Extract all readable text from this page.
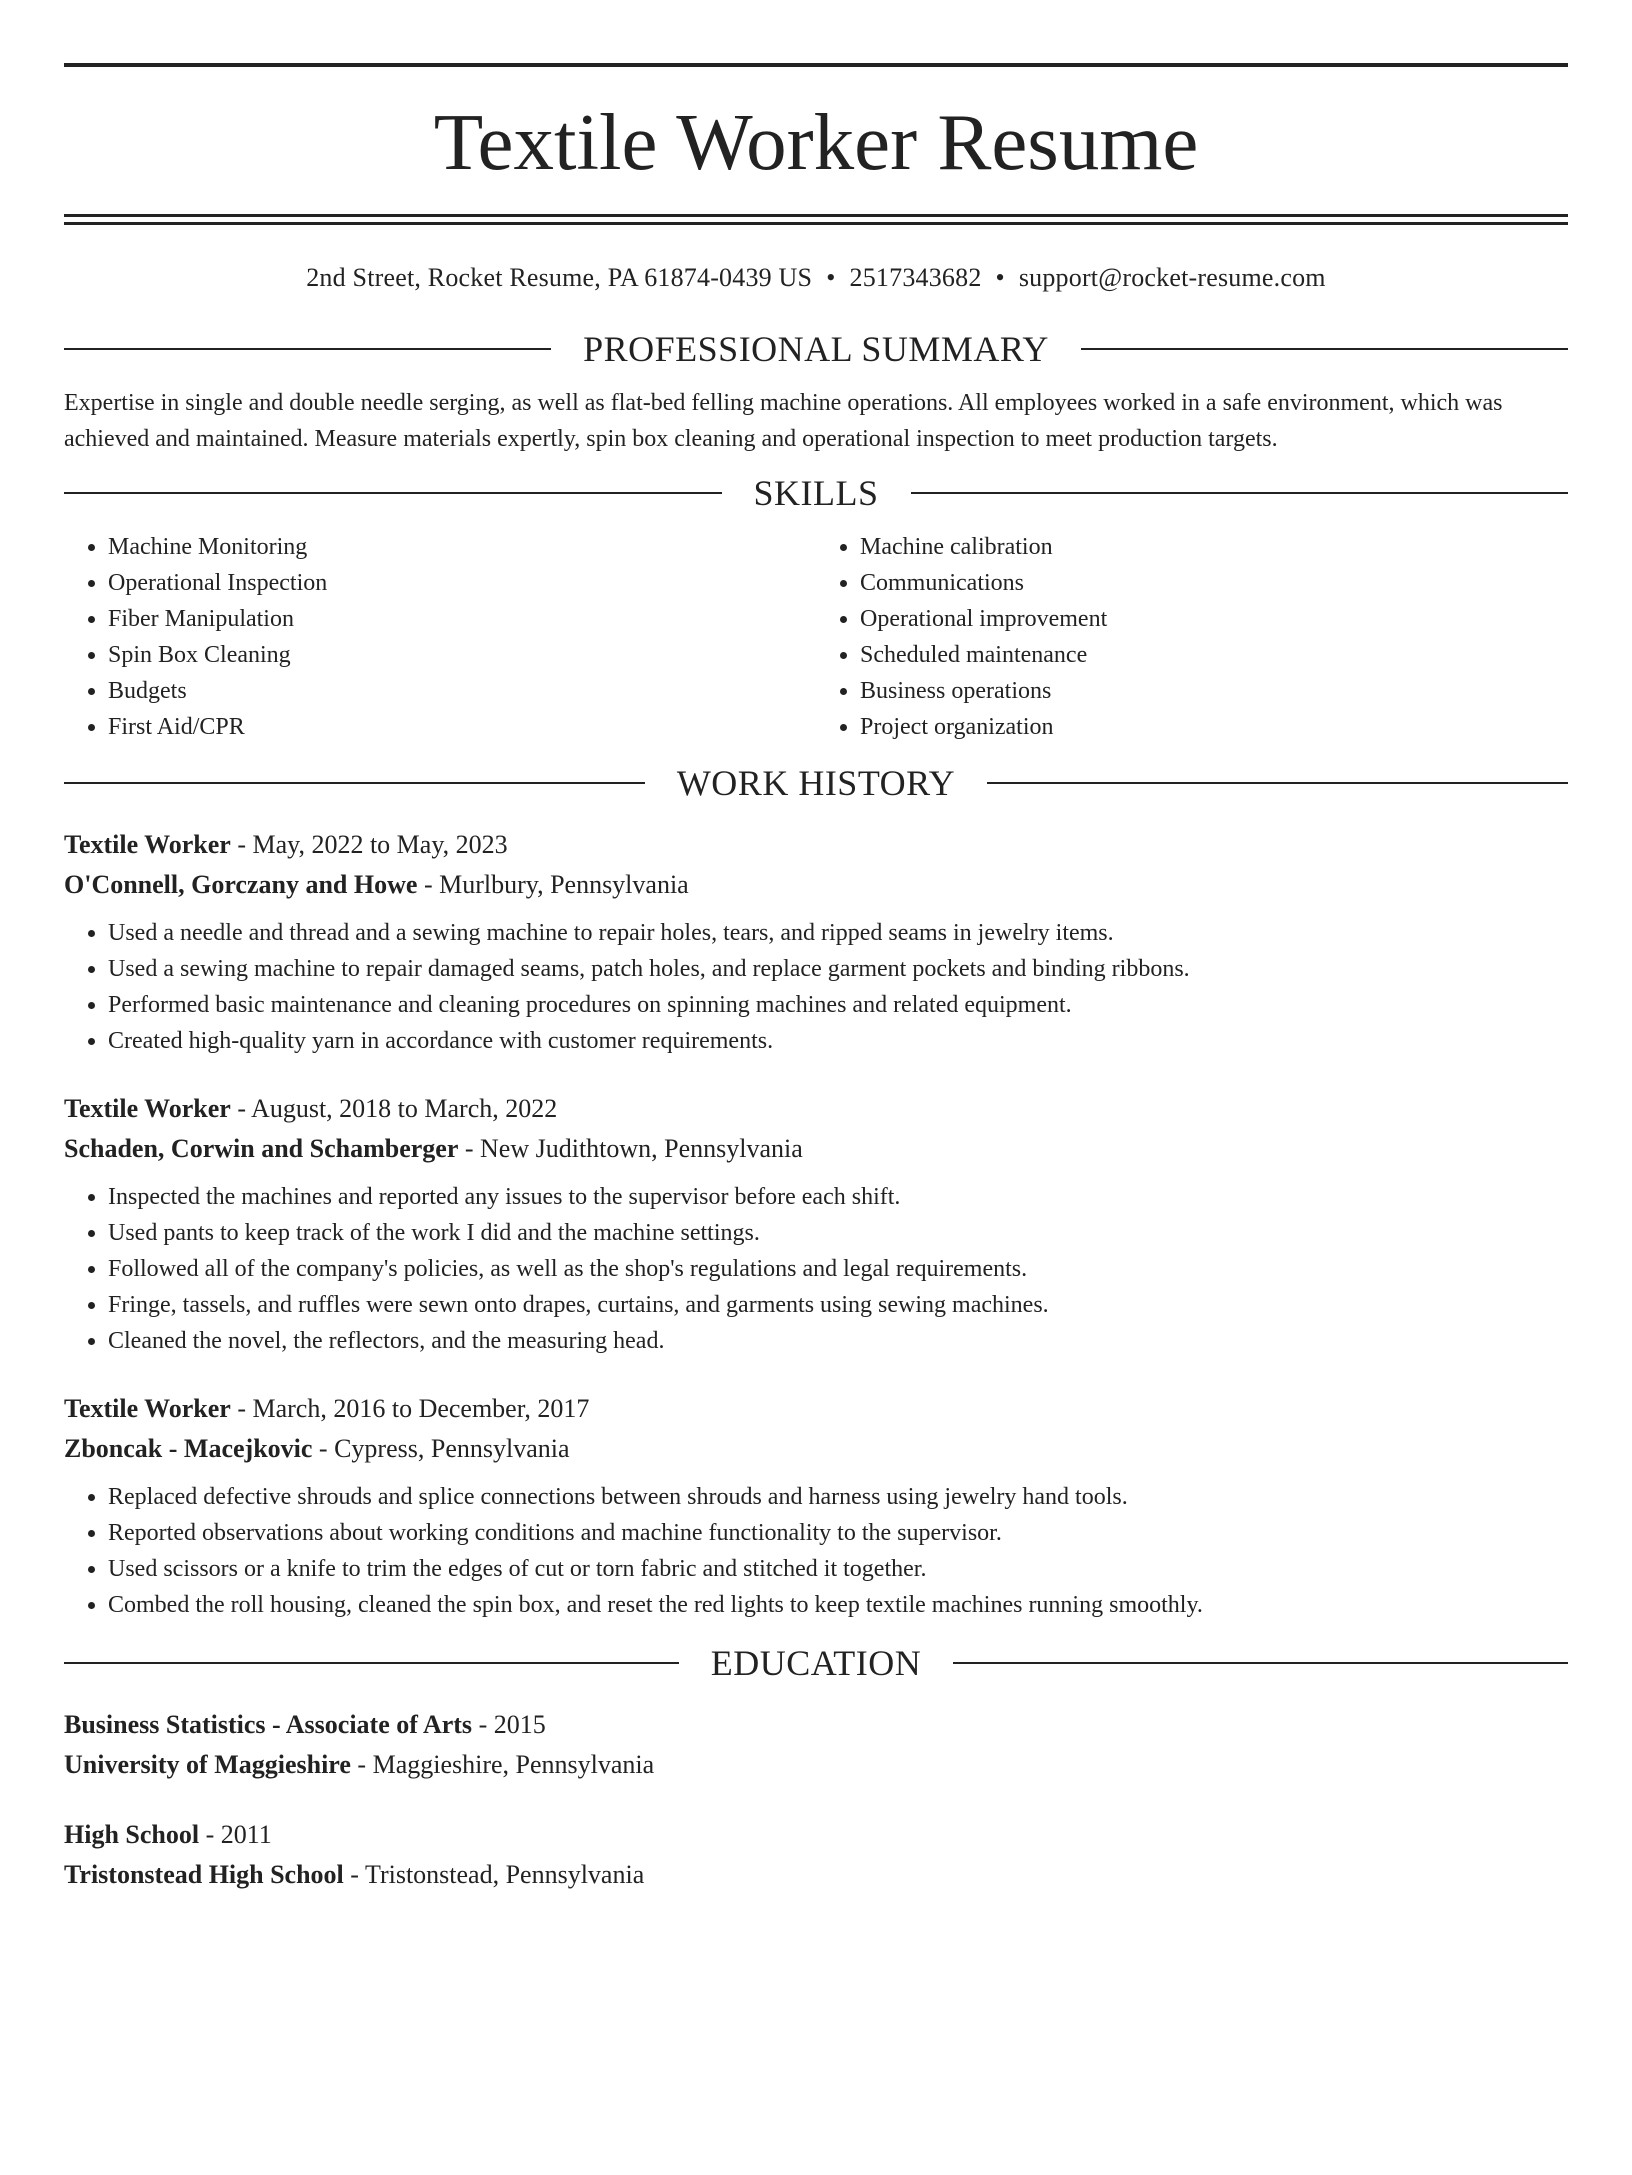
Textile Worker Resume
2nd Street, Rocket Resume, PA 61874-0439 US • 2517343682 • support@rocket-resume.com
PROFESSIONAL SUMMARY

Expertise in single and double needle serging, as well as flat-bed felling machine operations. All employees worked in a safe environment, which was achieved and maintained. Measure materials expertly, spin box cleaning and operational inspection to meet production targets.

SKILLS
• Machine Monitoring
• Operational Inspection
• Fiber Manipulation
• Spin Box Cleaning
• Budgets
• First Aid/CPR
• Machine calibration
• Communications
• Operational improvement
• Scheduled maintenance
• Business operations
• Project organization
WORK HISTORY
Textile Worker - May, 2022 to May, 2023
O'Connell, Gorczany and Howe - Murlbury, Pennsylvania
• Used a needle and thread and a sewing machine to repair holes, tears, and ripped seams in jewelry items.
• Used a sewing machine to repair damaged seams, patch holes, and replace garment pockets and binding ribbons.
• Performed basic maintenance and cleaning procedures on spinning machines and related equipment.
• Created high-quality yarn in accordance with customer requirements.
Textile Worker - August, 2018 to March, 2022
Schaden, Corwin and Schamberger - New Judithtown, Pennsylvania
• Inspected the machines and reported any issues to the supervisor before each shift.
• Used pants to keep track of the work I did and the machine settings.
• Followed all of the company's policies, as well as the shop's regulations and legal requirements.
• Fringe, tassels, and ruffles were sewn onto drapes, curtains, and garments using sewing machines.
• Cleaned the novel, the reflectors, and the measuring head.
Textile Worker - March, 2016 to December, 2017
Zboncak - Macejkovic - Cypress, Pennsylvania
• Replaced defective shrouds and splice connections between shrouds and harness using jewelry hand tools.
• Reported observations about working conditions and machine functionality to the supervisor.
• Used scissors or a knife to trim the edges of cut or torn fabric and stitched it together.
• Combed the roll housing, cleaned the spin box, and reset the red lights to keep textile machines running smoothly.
EDUCATION
Business Statistics - Associate of Arts - 2015
University of Maggieshire - Maggieshire, Pennsylvania
High School - 2011
Tristonstead High School - Tristonstead, Pennsylvania
